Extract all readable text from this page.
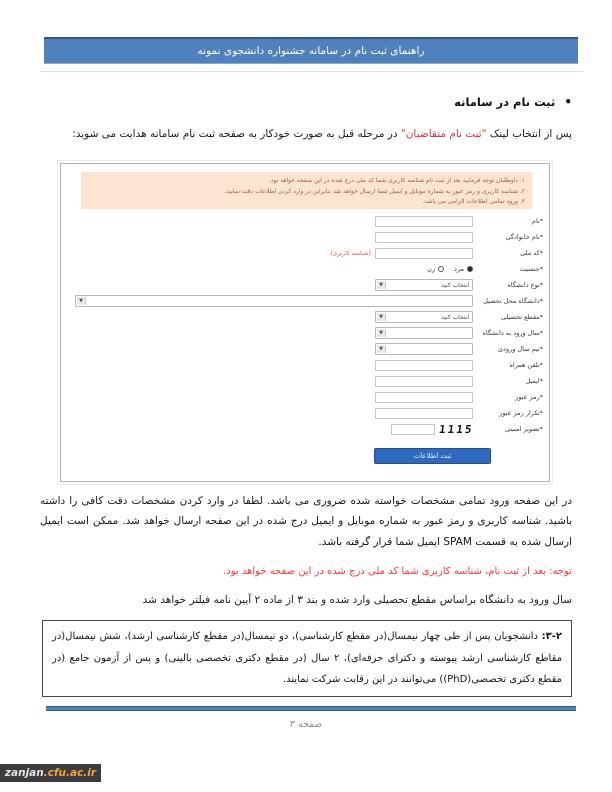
راهنمای ثبت نام در سامانه جشنواره دانشجوی نمونه
•
ثبت نام در سامانه
پس از انتخاب لینک "ثبت نام متقاضیان" در مرحله قبل به صورت خودکار به صفحه ثبت نام سامانه هدایت می شوید:
۱. داوطلبان توجه فرمایید بعد از ثبت نام شناسه کاربری شما کد ملی درج شده در این صفحه خواهد بود.
۲. شناسه کاربری و رمز عبور به شماره موبایل و ایمیل شما ارسال خواهد شد بنابراین در وارد کردن اطلاعات دقت نمایید.
۳. ورود تمامی اطلاعات الزامی می باشد.
*نام
*نام خانوادگی
*کد ملی
(شناسه کاربری)
*جنسیت
مرد
زن
*نوع دانشگاه
انتخاب کنید
▼
*دانشگاه محل تحصیل
▼
*مقطع تحصیلی
انتخاب کنید
▼
*سال ورود به دانشگاه
▼
*نیم سال ورودی
▼
*تلفن همراه
*ایمیل
*رمز عبور
*تکرار رمز عبور
*تصویر امنیتی
1115
ثبت اطلاعات
در این صفحه ورود تمامی مشخصات خواسته شده ضروری می باشد. لطفا در وارد کردن مشخصات دقت کافی را داشته باشید. شناسه کاربری و رمز عبور به شماره موبایل و ایمیل درج شده در این صفحه ارسال خواهد شد. ممکن است ایمیل ارسال شده به قسمت SPAM ایمیل شما قرار گرفته باشد.
توجه: بعد از ثبت نام، شناسه کاربری شما کد ملی درج شده در این صفحه خواهد بود.
سال ورود به دانشگاه براساس مقطع تحصیلی وارد شده و بند ۳ از ماده ۲ آیین نامه فیلتر خواهد شد
۳-۲: دانشجویان پس از طی چهار نیمسال(در مقطع کارشناسی)، دو نیمسال(در مقطع کارشناسی ارشد)، شش نیمسال(در مقاطع کارشناسی ارشد پیوسته و دکترای حرفه‌ای)، ۲ سال (در مقطع دکتری تخصصی بالینی) و پس از آزمون جامع (در مقطع دکتری تخصصی(PhD)) می‌توانند در این رقابت شرکت نمایند.
صفحه ۳
zanjan .cfu.ac.ir
